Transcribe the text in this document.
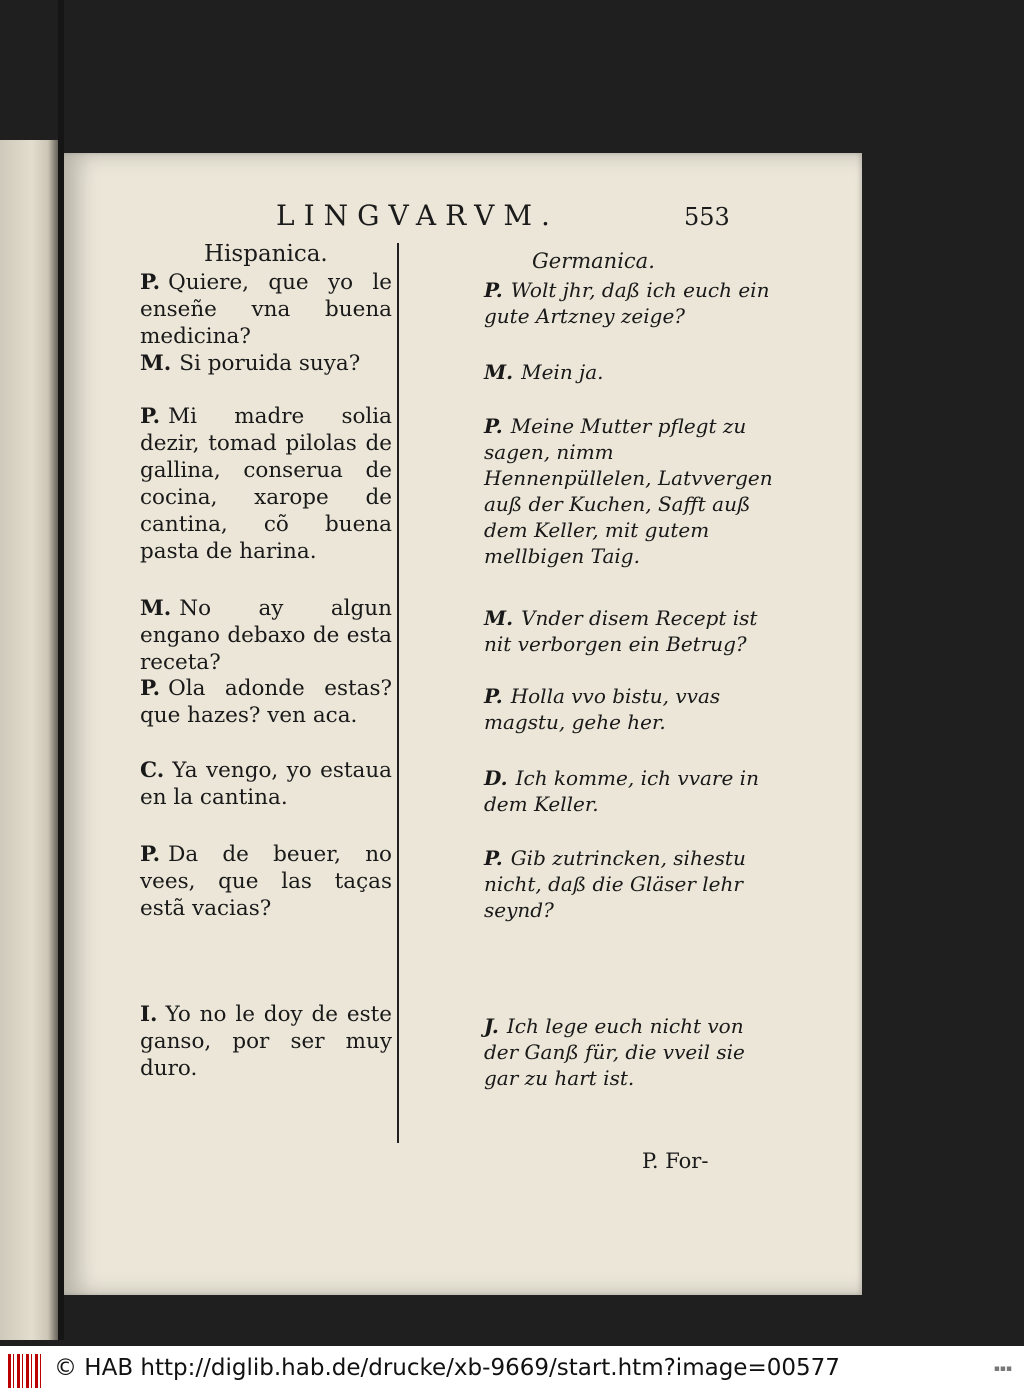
LINGVARVM.	553
Hispanica.	Germanica.
P. Quiere, que yo le enseñe vna buena medicina?
M. Si poruida suya?
P. Mi madre solia dezir, tomad pilolas de gallina, conserua de cocina, xarope de cantina, cõ buena pasta de harina.
M. No ay algun engano debaxo de esta receta?
P. Ola adonde estas? que hazes? ven aca.
C. Ya vengo, yo estaua en la cantina.
P. Da de beuer, no vees, que las taças estã vacias?
I. Yo no le doy de este ganso, por ser muy duro.
P. Wolt jhr, daß ich euch ein gute Artzney zeige?
M. Mein ja.
P. Meine Mutter pflegt zu sagen, nimm Hennenpüllelen, Latvvergen auß der Kuchen, Safft auß dem Keller, mit gutem mellbigen Taig.
M. Vnder disem Recept ist nit verborgen ein Betrug?
P. Holla vvo bistu, vvas magstu, gehe her.
D. Ich komme, ich vvare in dem Keller.
P. Gib zutrincken, sihestu nicht, daß die Gläser lehr seynd?
J. Ich lege euch nicht von der Ganß für, die vveil sie gar zu hart ist.
P. For-
© HAB http://diglib.hab.de/drucke/xb-9669/start.htm?image=00577	▪▪▪
